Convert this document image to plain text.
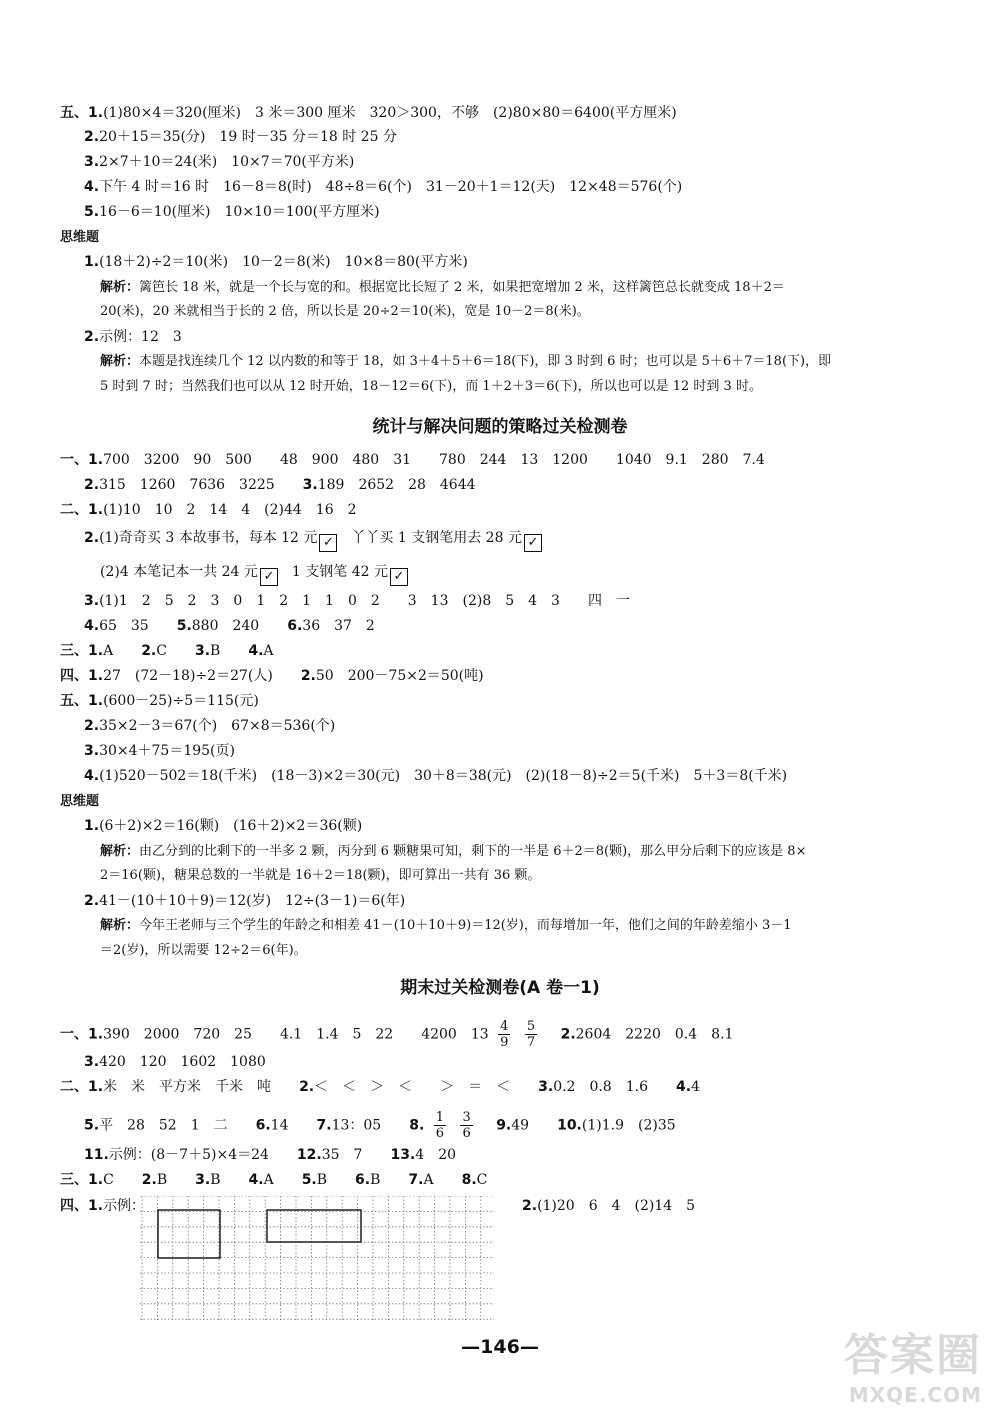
五、1.(1)80×4＝320(厘米)　3 米＝300 厘米　320＞300，不够　(2)80×80＝6400(平方厘米)
2.20＋15＝35(分)　19 时－35 分＝18 时 25 分
3.2×7＋10＝24(米)　10×7＝70(平方米)
4.下午 4 时＝16 时　16－8＝8(时)　48÷8＝6(个)　31－20＋1＝12(天)　12×48＝576(个)
5.16－6＝10(厘米)　10×10＝100(平方厘米)
思维题
1.(18＋2)÷2＝10(米)　10－2＝8(米)　10×8＝80(平方米)
解析：篱笆长 18 米，就是一个长与宽的和。根据宽比长短了 2 米，如果把宽增加 2 米，这样篱笆总长就变成 18＋2＝
20(米)，20 米就相当于长的 2 倍，所以长是 20÷2＝10(米)，宽是 10－2＝8(米)。
2.示例：12　3
解析：本题是找连续几个 12 以内数的和等于 18，如 3＋4＋5＋6＝18(下)，即 3 时到 6 时；也可以是 5＋6＋7＝18(下)，即
5 时到 7 时；当然我们也可以从 12 时开始，18－12＝6(下)，而 1＋2＋3＝6(下)，所以也可以是 12 时到 3 时。
统计与解决问题的策略过关检测卷
一、1.700　3200　90　500　　48　900　480　31　　780　244　13　1200　　1040　9.1　280　7.4
2.315　1260　7636　3225　　 3.189　2652　28　4644
二、1.(1)10　10　2　14　4　(2)44　16　2
2.(1)奇奇买 3 本故事书，每本 12 元 ✓　 丫丫买 1 支钢笔用去 28 元 ✓
(2)4 本笔记本一共 24 元 ✓　 1 支钢笔 42 元 ✓
3.(1)1　2　5　2　3　0　1　2　1　1　0　2　　3　13　(2)8　5　4　3　　四　一
4.65　35　　 5.880　240　　 6.36　37　2
三、1.A　　 2.C　　 3.B　　 4.A
四、1.27　(72－18)÷2＝27(人)　　 2.50　200－75×2＝50(吨)
五、1.(600－25)÷5＝115(元)
2.35×2－3＝67(个)　67×8＝536(个)
3.30×4＋75＝195(页)
4.(1)520－502＝18(千米)　(18－3)×2＝30(元)　30＋8＝38(元)　(2)(18－8)÷2＝5(千米)　5＋3＝8(千米)
思维题
1.(6＋2)×2＝16(颗)　(16＋2)×2＝36(颗)
解析：由乙分到的比剩下的一半多 2 颗，丙分到 6 颗糖果可知，剩下的一半是 6＋2＝8(颗)，那么甲分后剩下的应该是 8×
2＝16(颗)，糖果总数的一半就是 16＋2＝18(颗)，即可算出一共有 36 颗。
2.41－(10＋10＋9)＝12(岁)　12÷(3－1)＝6(年)
解析：今年王老师与三个学生的年龄之和相差 41－(10＋10＋9)＝12(岁)，而每增加一年，他们之间的年龄差缩小 3－1
＝2(岁)，所以需要 12÷2＝6(年)。
期末过关检测卷(A 卷一1)
一、1.390　2000　720　25　　4.1　1.4　5　22　　4200　$13 \frac{4}{9}$
$\frac{5}{7}$
　 2.2604　2220　0.4　8.1
3.420　120　1602　1080
二、1.米　米　平方米　千米　吨　　 2.＜　＜　＞　＜　　＞　＝　＜　　 3.0.2　0.8　1.6　　 4.4
5.平　28　52　1　二　　 6.14　　 7.13：05　　 8. $\frac{1}{6}$
$\frac{3}{6}$
　 9.49　　 10.(1)1.9　(2)35
11.示例：(8－7＋5)×4＝24　　 12.35　7　　 13.4　20
三、1.C　　 2.B　　 3.B　　 4.A　　 5.B　　 6.B　　 7.A　　 8.C
四、1.示例：	2.(1)20　6　4　(2)14　5
—146—	答案圈
MXQE.COM
